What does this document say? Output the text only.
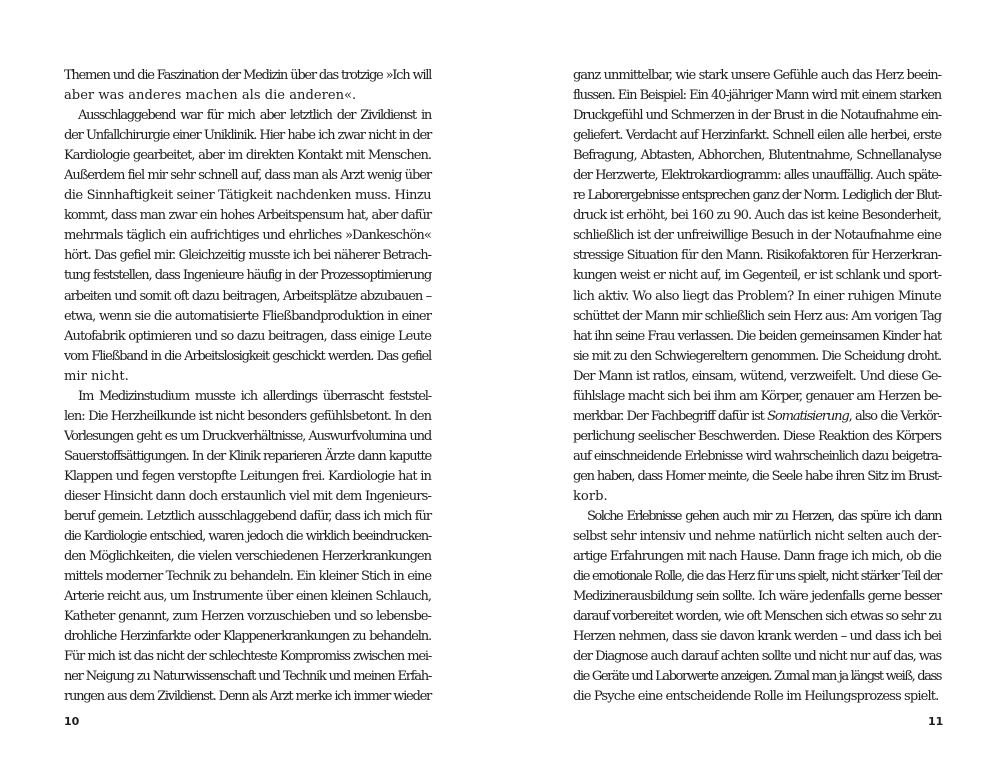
Themen und die Faszination der Medizin über das trotzige »Ich will
aber was anderes machen als die anderen«.
Ausschlaggebend war für mich aber letztlich der Zivildienst in
der Unfallchirurgie einer Uniklinik. Hier habe ich zwar nicht in der
Kardiologie gearbeitet, aber im direkten Kontakt mit Menschen.
Außerdem fiel mir sehr schnell auf, dass man als Arzt wenig über
die Sinnhaftigkeit seiner Tätigkeit nachdenken muss. Hinzu
kommt, dass man zwar ein hohes Arbeitspensum hat, aber dafür
mehrmals täglich ein aufrichtiges und ehrliches »Dankeschön«
hört. Das gefiel mir. Gleichzeitig musste ich bei näherer Betrach-
tung feststellen, dass Ingenieure häufig in der Prozessoptimierung
arbeiten und somit oft dazu beitragen, Arbeitsplätze abzubauen –
etwa, wenn sie die automatisierte Fließbandproduktion in einer
Autofabrik optimieren und so dazu beitragen, dass einige Leute
vom Fließband in die Arbeitslosigkeit geschickt werden. Das gefiel
mir nicht.
Im Medizinstudium musste ich allerdings überrascht feststel-
len: Die Herzheilkunde ist nicht besonders gefühlsbetont. In den
Vorlesungen geht es um Druckverhältnisse, Auswurfvolumina und
Sauerstoffsättigungen. In der Klinik reparieren Ärzte dann kaputte
Klappen und fegen verstopfte Leitungen frei. Kardiologie hat in
dieser Hinsicht dann doch erstaunlich viel mit dem Ingenieurs-
beruf gemein. Letztlich ausschlaggebend dafür, dass ich mich für
die Kardiologie entschied, waren jedoch die wirklich beeindrucken-
den Möglichkeiten, die vielen verschiedenen Herzerkrankungen
mittels moderner Technik zu behandeln. Ein kleiner Stich in eine
Arterie reicht aus, um Instrumente über einen kleinen Schlauch,
Katheter genannt, zum Herzen vorzuschieben und so lebensbe-
drohliche Herzinfarkte oder Klappenerkrankungen zu behandeln.
Für mich ist das nicht der schlechteste Kompromiss zwischen mei-
ner Neigung zu Naturwissenschaft und Technik und meinen Erfah-
rungen aus dem Zivildienst. Denn als Arzt merke ich immer wieder
10
ganz unmittelbar, wie stark unsere Gefühle auch das Herz beein-
flussen. Ein Beispiel: Ein 40-jähriger Mann wird mit einem starken
Druckgefühl und Schmerzen in der Brust in die Notaufnahme ein-
geliefert. Verdacht auf Herzinfarkt. Schnell eilen alle herbei, erste
Befragung, Abtasten, Abhorchen, Blutentnahme, Schnellanalyse
der Herzwerte, Elektrokardiogramm: alles unauffällig. Auch späte-
re Laborergebnisse entsprechen ganz der Norm. Lediglich der Blut-
druck ist erhöht, bei 160 zu 90. Auch das ist keine Besonderheit,
schließlich ist der unfreiwillige Besuch in der Notaufnahme eine
stressige Situation für den Mann. Risikofaktoren für Herzerkran-
kungen weist er nicht auf, im Gegenteil, er ist schlank und sport-
lich aktiv. Wo also liegt das Problem? In einer ruhigen Minute
schüttet der Mann mir schließlich sein Herz aus: Am vorigen Tag
hat ihn seine Frau verlassen. Die beiden gemeinsamen Kinder hat
sie mit zu den Schwiegereltern genommen. Die Scheidung droht.
Der Mann ist ratlos, einsam, wütend, verzweifelt. Und diese Ge-
fühlslage macht sich bei ihm am Körper, genauer am Herzen be-
merkbar. Der Fachbegriff dafür ist Somatisierung, also die Verkör-
perlichung seelischer Beschwerden. Diese Reaktion des Körpers
auf einschneidende Erlebnisse wird wahrscheinlich dazu beigetra-
gen haben, dass Homer meinte, die Seele habe ihren Sitz im Brust-
korb.
Solche Erlebnisse gehen auch mir zu Herzen, das spüre ich dann
selbst sehr intensiv und nehme natürlich nicht selten auch der-
artige Erfahrungen mit nach Hause. Dann frage ich mich, ob die
die emotionale Rolle, die das Herz für uns spielt, nicht stärker Teil der
Medizinerausbildung sein sollte. Ich wäre jedenfalls gerne besser
darauf vorbereitet worden, wie oft Menschen sich etwas so sehr zu
Herzen nehmen, dass sie davon krank werden – und dass ich bei
der Diagnose auch darauf achten sollte und nicht nur auf das, was
die Geräte und Laborwerte anzeigen. Zumal man ja längst weiß, dass
die Psyche eine entscheidende Rolle im Heilungsprozess spielt.
11
